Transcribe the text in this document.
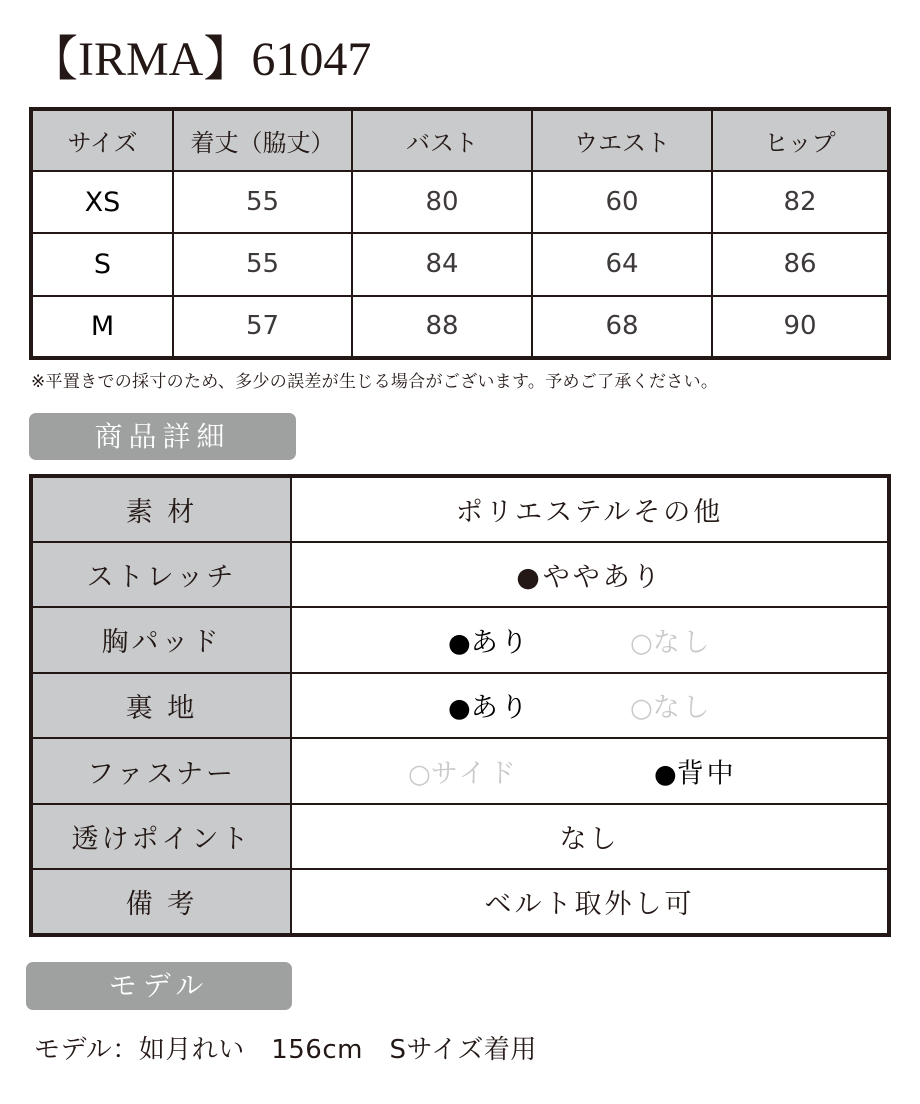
【IRMA】61047
サイズ	着丈（脇丈）	バスト	ウエスト	ヒップ
XS	55	80	60	82
S	55	84	64	86
M	57	88	68	90
※平置きでの採寸のため、多少の誤差が生じる場合がございます。予めご了承ください。
商品詳細
素 材	ポリエステルその他
ストレッチ	●ややあり
胸パッド	●あり ○なし

裏 地	●あり ○なし

ファスナー	○サイド ●背中

透けポイント	なし
備 考	ベルト取外し可
モデル
モデル：如月れい　156cm　Sサイズ着用
